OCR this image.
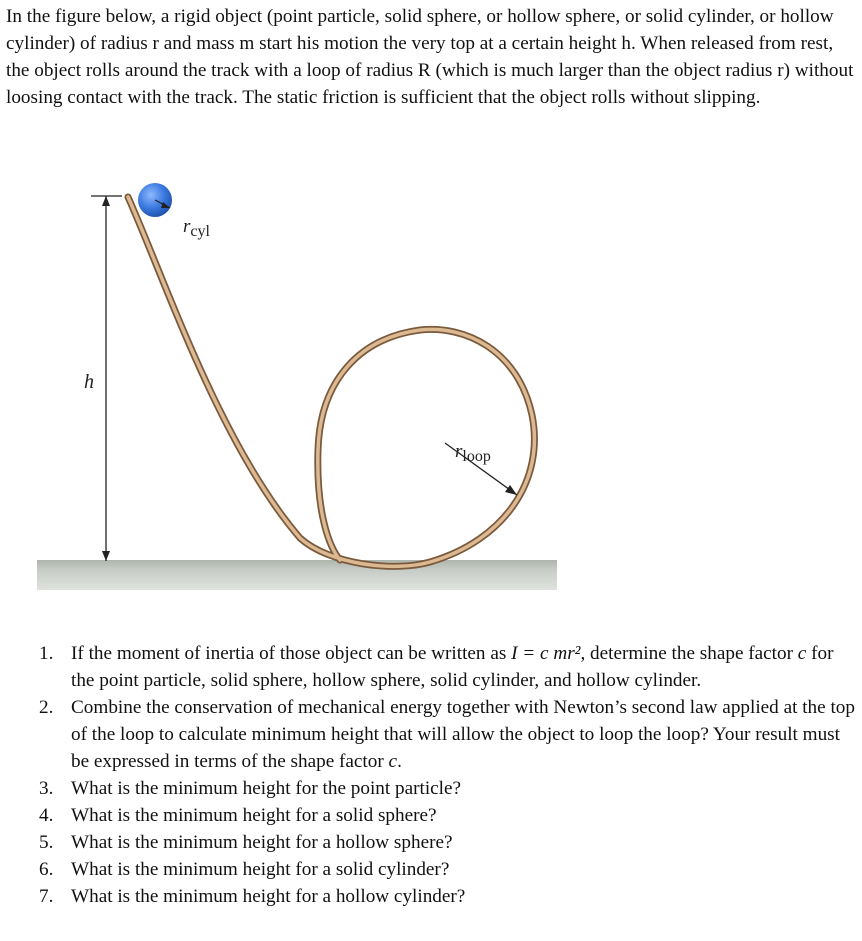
In the figure below, a rigid object (point particle, solid sphere, or hollow sphere, or solid cylinder, or hollow cylinder) of radius r and mass m start his motion the very top at a certain height h. When released from rest, the object rolls around the track with a loop of radius R (which is much larger than the object radius r) without loosing contact with the track. The static friction is sufficient that the object rolls without slipping.

h
$r_{cyl}$
$r_{loop}$
1. If the moment of inertia of those object can be written as I = c mr², determine the shape factor c for the point particle, solid sphere, hollow sphere, solid cylinder, and hollow cylinder.
2. Combine the conservation of mechanical energy together with Newton’s second law applied at the top of the loop to calculate minimum height that will allow the object to loop the loop? Your result must be expressed in terms of the shape factor c.
3. What is the minimum height for the point particle?
4. What is the minimum height for a solid sphere?
5. What is the minimum height for a hollow sphere?
6. What is the minimum height for a solid cylinder?
7. What is the minimum height for a hollow cylinder?
